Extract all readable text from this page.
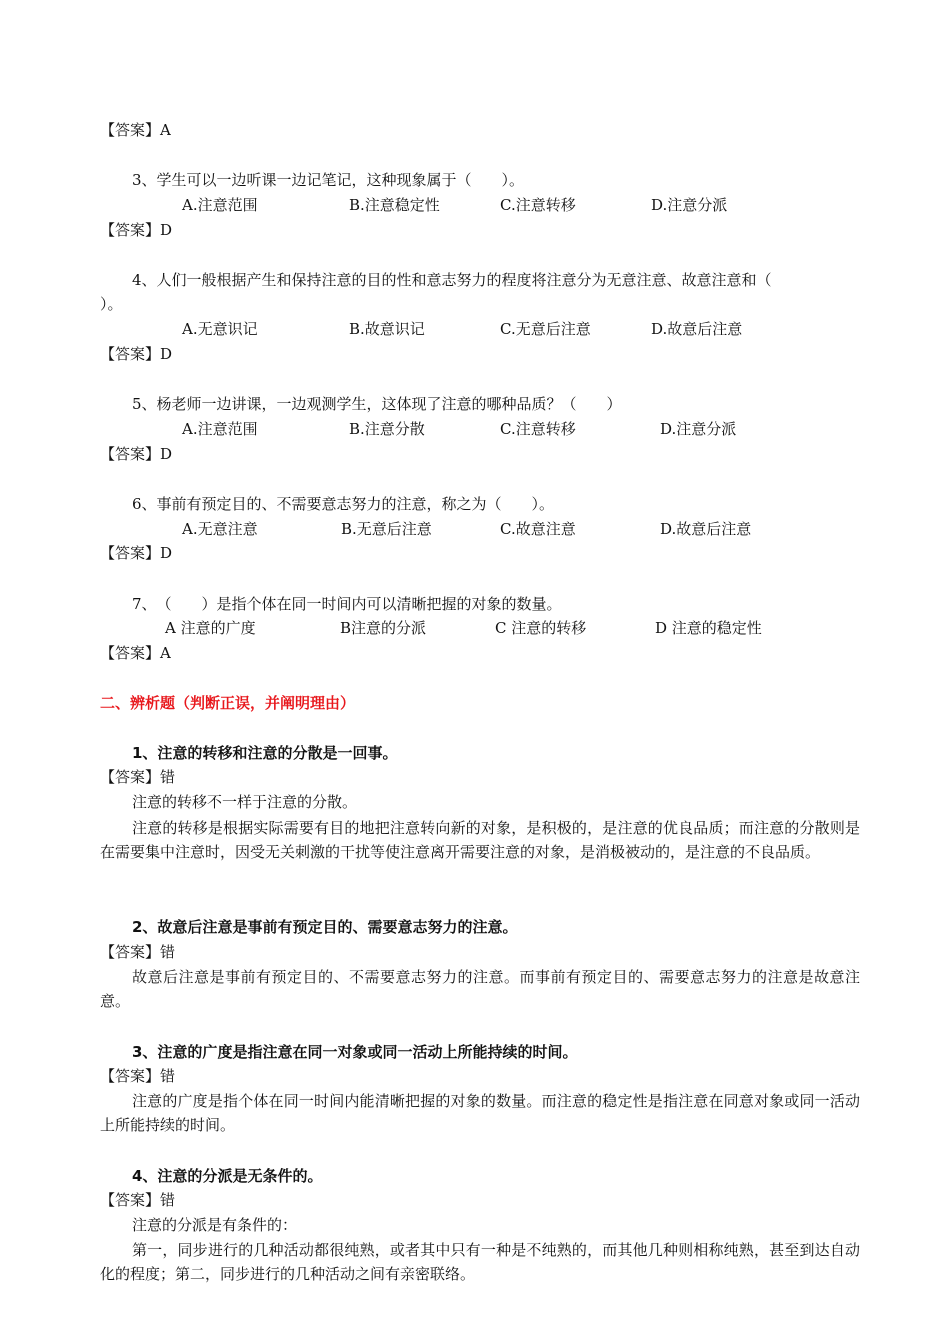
【答案】A
3、学生可以一边听课一边记笔记，这种现象属于（　　）。
A.注意范围	B.注意稳定性	C.注意转移	D.注意分派
【答案】D
4、人们一般根据产生和保持注意的目的性和意志努力的程度将注意分为无意注意、故意注意和（
）。
A.无意识记	B.故意识记	C.无意后注意	D.故意后注意
【答案】D
5、杨老师一边讲课，一边观测学生，这体现了注意的哪种品质？（　　）
A.注意范围	B.注意分散	C.注意转移	D.注意分派
【答案】D
6、事前有预定目的、不需要意志努力的注意，称之为（　　）。
A.无意注意	B.无意后注意	C.故意注意	D.故意后注意
【答案】D
7、　（　　）是指个体在同一时间内可以清晰把握的对象的数量。
A 注意的广度	B注意的分派	C 注意的转移	D 注意的稳定性
【答案】A
二、辨析题（判断正误，并阐明理由）
1、注意的转移和注意的分散是一回事。
【答案】错
注意的转移不一样于注意的分散。
注意的转移是根据实际需要有目的地把注意转向新的对象，是积极的，是注意的优良品质；而注意的分散则是在需要集中注意时，因受无关刺激的干扰等使注意离开需要注意的对象，是消极被动的，是注意的不良品质。
2、故意后注意是事前有预定目的、需要意志努力的注意。
【答案】错
故意后注意是事前有预定目的、不需要意志努力的注意。而事前有预定目的、需要意志努力的注意是故意注意。
3、注意的广度是指注意在同一对象或同一活动上所能持续的时间。
【答案】错
注意的广度是指个体在同一时间内能清晰把握的对象的数量。而注意的稳定性是指注意在同意对象或同一活动上所能持续的时间。
4、注意的分派是无条件的。
【答案】错
注意的分派是有条件的：
第一，同步进行的几种活动都很纯熟，或者其中只有一种是不纯熟的，而其他几种则相称纯熟，甚至到达自动化的程度；第二，同步进行的几种活动之间有亲密联络。
